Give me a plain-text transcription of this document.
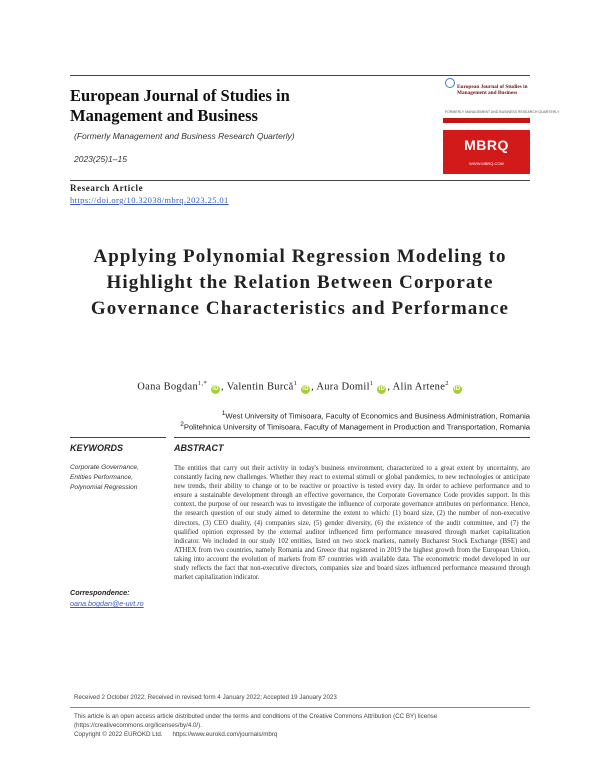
European Journal of Studies in Management and Business
(Formerly Management and Business Research Quarterly)
2023(25)1–15
European Journal of Studies in Management and Business
FORMERLY MANAGEMENT AND BUSINESS RESEARCH QUARTERLY
MBRQ
WWW.MBRQ.COM
Research Article
https://doi.org/10.32038/mbrq.2023.25.01
Applying Polynomial Regression Modeling to Highlight the Relation Between Corporate Governance Characteristics and Performance
Oana Bogdan$^{1,*}$ iD , Valentin Burcă$^1$ iD , Aura Domil$^1$ iD , Alin Artene$^2$ iD
$^1$West University of Timisoara, Faculty of Economics and Business Administration, Romania
$^2$Politehnica University of Timisoara, Faculty of Management in Production and Transportation, Romania
KEYWORDS
Corporate Governance,
Entities Performance,
Polynomial Regression
Correspondence:
oana.bogdan@e-uvt.ro
ABSTRACT
The entities that carry out their activity in today's business environment, characterized to a great extent by uncertainty, are constantly facing new challenges. Whether they react to external stimuli or global pandemics, to new technologies or anticipate new trends, their ability to change or to be reactive or proactive is tested every day. In order to achieve performance and to ensure a sustainable development through an effective governance, the Corporate Governance Code provides support. In this context, the purpose of our research was to investigate the influence of corporate governance attributes on performance. Hence, the research question of our study aimed to determine the extent to which: (1) board size, (2) the number of non-executive directors, (3) CEO duality, (4) companies size, (5) gender diversity, (6) the existence of the audit committee, and (7) the qualified opinion expressed by the external auditor influenced firm performance measured through market capitalization indicator. We included in our study 102 entities, listed on two stock markets, namely Bucharest Stock Exchange (BSE) and ATHEX from two countries, namely Romania and Greece that registered in 2019 the highest growth from the European Union, taking into account the evolution of markets from 87 countries with available data. The econometric model developed in our study reflects the fact that non-executive directors, companies size and board sizes influenced performance measured through market capitalization indicator.
Received 2 October 2022; Received in revised form 4 January 2022; Accepted 19 January 2023
This article is an open access article distributed under the terms and conditions of the Creative Commons Attribution (CC BY) license (https://creativecommons.org/licenses/by/4.0/).
Copyright © 2022 EUROKD Ltd. https://www.eurokd.com/journals/mbrq
